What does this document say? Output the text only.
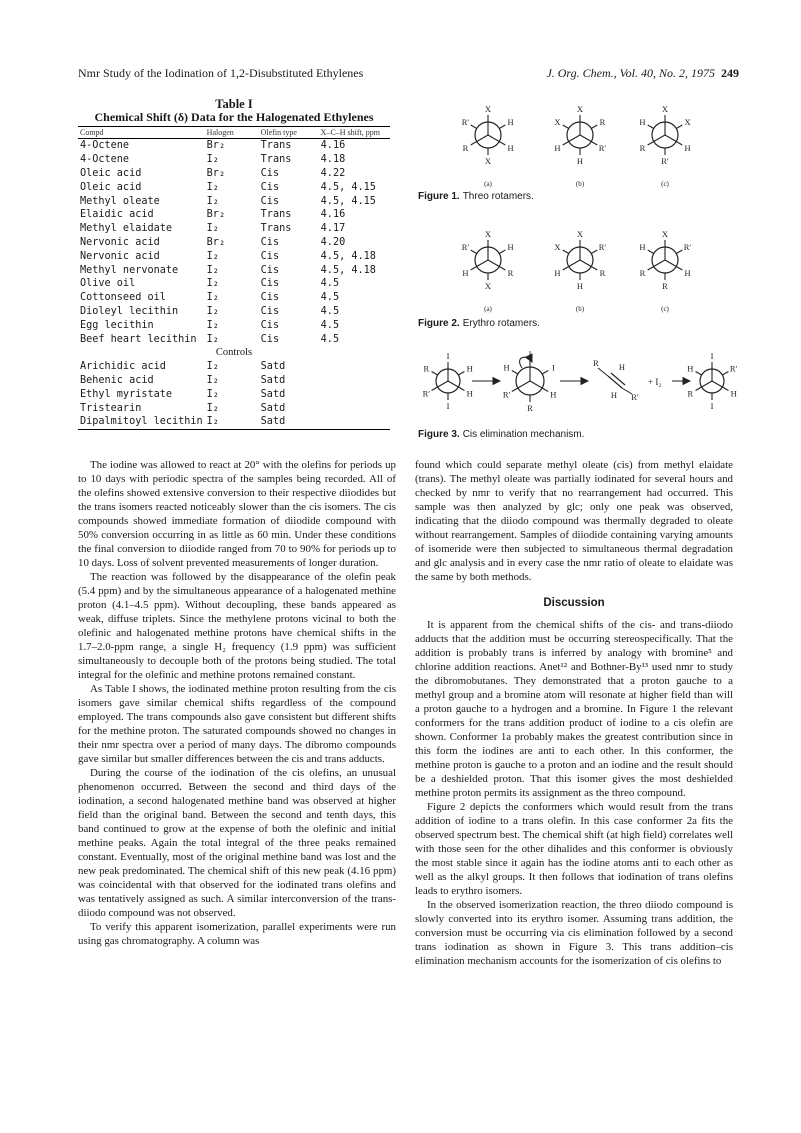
Nmr Study of the Iodination of 1,2-Disubstituted Ethylenes	J. Org. Chem., Vol. 40, No. 2, 1975 249
Table I
Chemical Shift (δ) Data for the Halogenated Ethylenes
Compd	Halogen	Olefin type	X–C–H shift, ppm
4-Octene	Br₂	Trans	4.16
4-Octene	I₂	Trans	4.18
Oleic acid	Br₂	Cis	4.22
Oleic acid	I₂	Cis	4.5, 4.15
Methyl oleate	I₂	Cis	4.5, 4.15
Elaidic acid	Br₂	Trans	4.16
Methyl elaidate	I₂	Trans	4.17
Nervonic acid	Br₂	Cis	4.20
Nervonic acid	I₂	Cis	4.5, 4.18
Methyl nervonate	I₂	Cis	4.5, 4.18
Olive oil	I₂	Cis	4.5
Cottonseed oil	I₂	Cis	4.5
Dioleyl lecithin	I₂	Cis	4.5
Egg lecithin	I₂	Cis	4.5
Beef heart lecithin	I₂	Cis	4.5
Controls			
Arichidic acid	I₂	Satd	
Behenic acid	I₂	Satd	
Ethyl myristate	I₂	Satd	
Tristearin	I₂	Satd	
Dipalmitoyl lecithin	I₂	Satd	
X
R	H
X
R′	H
X
H	R′
H
X	R
X
R	H
R′
H	X
(a)	(b)	(c)
X
H	R
X
R′	H
X
H	R
H
X	R′
X
R	H
R
H	R′
(a)	(b)	(c)
I
R′	H
I
R	H
I
R′	H
R
H	I	R
R′
H
H
+ I₂
I
R	H
I
H	R′
Figure 1. Threo rotamers.
Figure 2. Erythro rotamers.
Figure 3. Cis elimination mechanism.

The iodine was allowed to react at 20° with the olefins for periods up to 10 days with periodic spectra of the samples being recorded. All of the olefins showed extensive conversion to their respective diiodides but the trans isomers reacted noticeably slower than the cis isomers. The cis compounds showed immediate formation of diiodide compound with 50% conversion occurring in as little as 60 min. Under these conditions the final conversion to diiodide ranged from 70 to 90% for periods up to 10 days. Loss of solvent prevented measurements of longer duration.

The reaction was followed by the disappearance of the olefin peak (5.4 ppm) and by the simultaneous appearance of a halogenated methine proton (4.1–4.5 ppm). Without decoupling, these bands appeared as weak, diffuse triplets. Since the methylene protons vicinal to both the olefinic and halogenated methine protons have chemical shifts in the 1.7–2.0-ppm range, a single H₂ frequency (1.9 ppm) was sufficient simultaneously to decouple both of the protons being studied. The total integral for the olefinic and methine protons remained constant.

As Table I shows, the iodinated methine proton resulting from the cis isomers gave similar chemical shifts regardless of the compound employed. The trans compounds also gave consistent but different shifts for the methine proton. The saturated compounds showed no changes in their nmr spectra over a period of many days. The dibromo compounds gave similar but smaller differences between the cis and trans adducts.

During the course of the iodination of the cis olefins, an unusual phenomenon occurred. Between the second and third days of the iodination, a second halogenated methine band was observed at higher field than the original band. Between the second and tenth days, this band continued to grow at the expense of both the olefinic and initial methine peaks. Again the total integral of the three peaks remained constant. Eventually, most of the original methine band was lost and the new peak predominated. The chemical shift of this new peak (4.16 ppm) was coincidental with that observed for the iodinated trans olefins and was tentatively assigned as such. A similar interconversion of the trans-diiodo compound was not observed.

To verify this apparent isomerization, parallel experiments were run using gas chromatography. A column was

found which could separate methyl oleate (cis) from methyl elaidate (trans). The methyl oleate was partially iodinated for several hours and checked by nmr to verify that no rearrangement had occurred. This sample was then analyzed by glc; only one peak was observed, indicating that the diiodo compound was thermally degraded to oleate without rearrangement. Samples of diiodide containing varying amounts of isomeride were then subjected to simultaneous thermal degradation and glc analysis and in every case the nmr ratio of oleate to elaidate was the same by both methods.

Discussion

It is apparent from the chemical shifts of the cis- and trans-diiodo adducts that the addition must be occurring stereospecifically. That the addition is probably trans is inferred by analogy with bromine⁵ and chlorine addition reactions. Anet¹² and Bothner-By¹³ used nmr to study the dibromobutanes. They demonstrated that a proton gauche to a methyl group and a bromine atom will resonate at higher field than will a proton gauche to a hydrogen and a bromine. In Figure 1 the relevant conformers for the trans addition product of iodine to a cis olefin are shown. Conformer 1a probably makes the greatest contribution since in this form the iodines are anti to each other. In this conformer, the methine proton is gauche to a proton and an iodine and the result should be a deshielded proton. That this isomer gives the most deshielded methine proton permits its assignment as the threo compound.

Figure 2 depicts the conformers which would result from the trans addition of iodine to a trans olefin. In this case conformer 2a fits the observed spectrum best. The chemical shift (at high field) correlates well with those seen for the other dihalides and this conformer is obviously the most stable since it again has the iodine atoms anti to each other as well as the alkyl groups. It then follows that iodination of trans olefins leads to erythro isomers.

In the observed isomerization reaction, the threo diiodo compound is slowly converted into its erythro isomer. Assuming trans addition, the conversion must be occurring via cis elimination followed by a second trans iodination as shown in Figure 3. This trans addition–cis elimination mechanism accounts for the isomerization of cis olefins to
